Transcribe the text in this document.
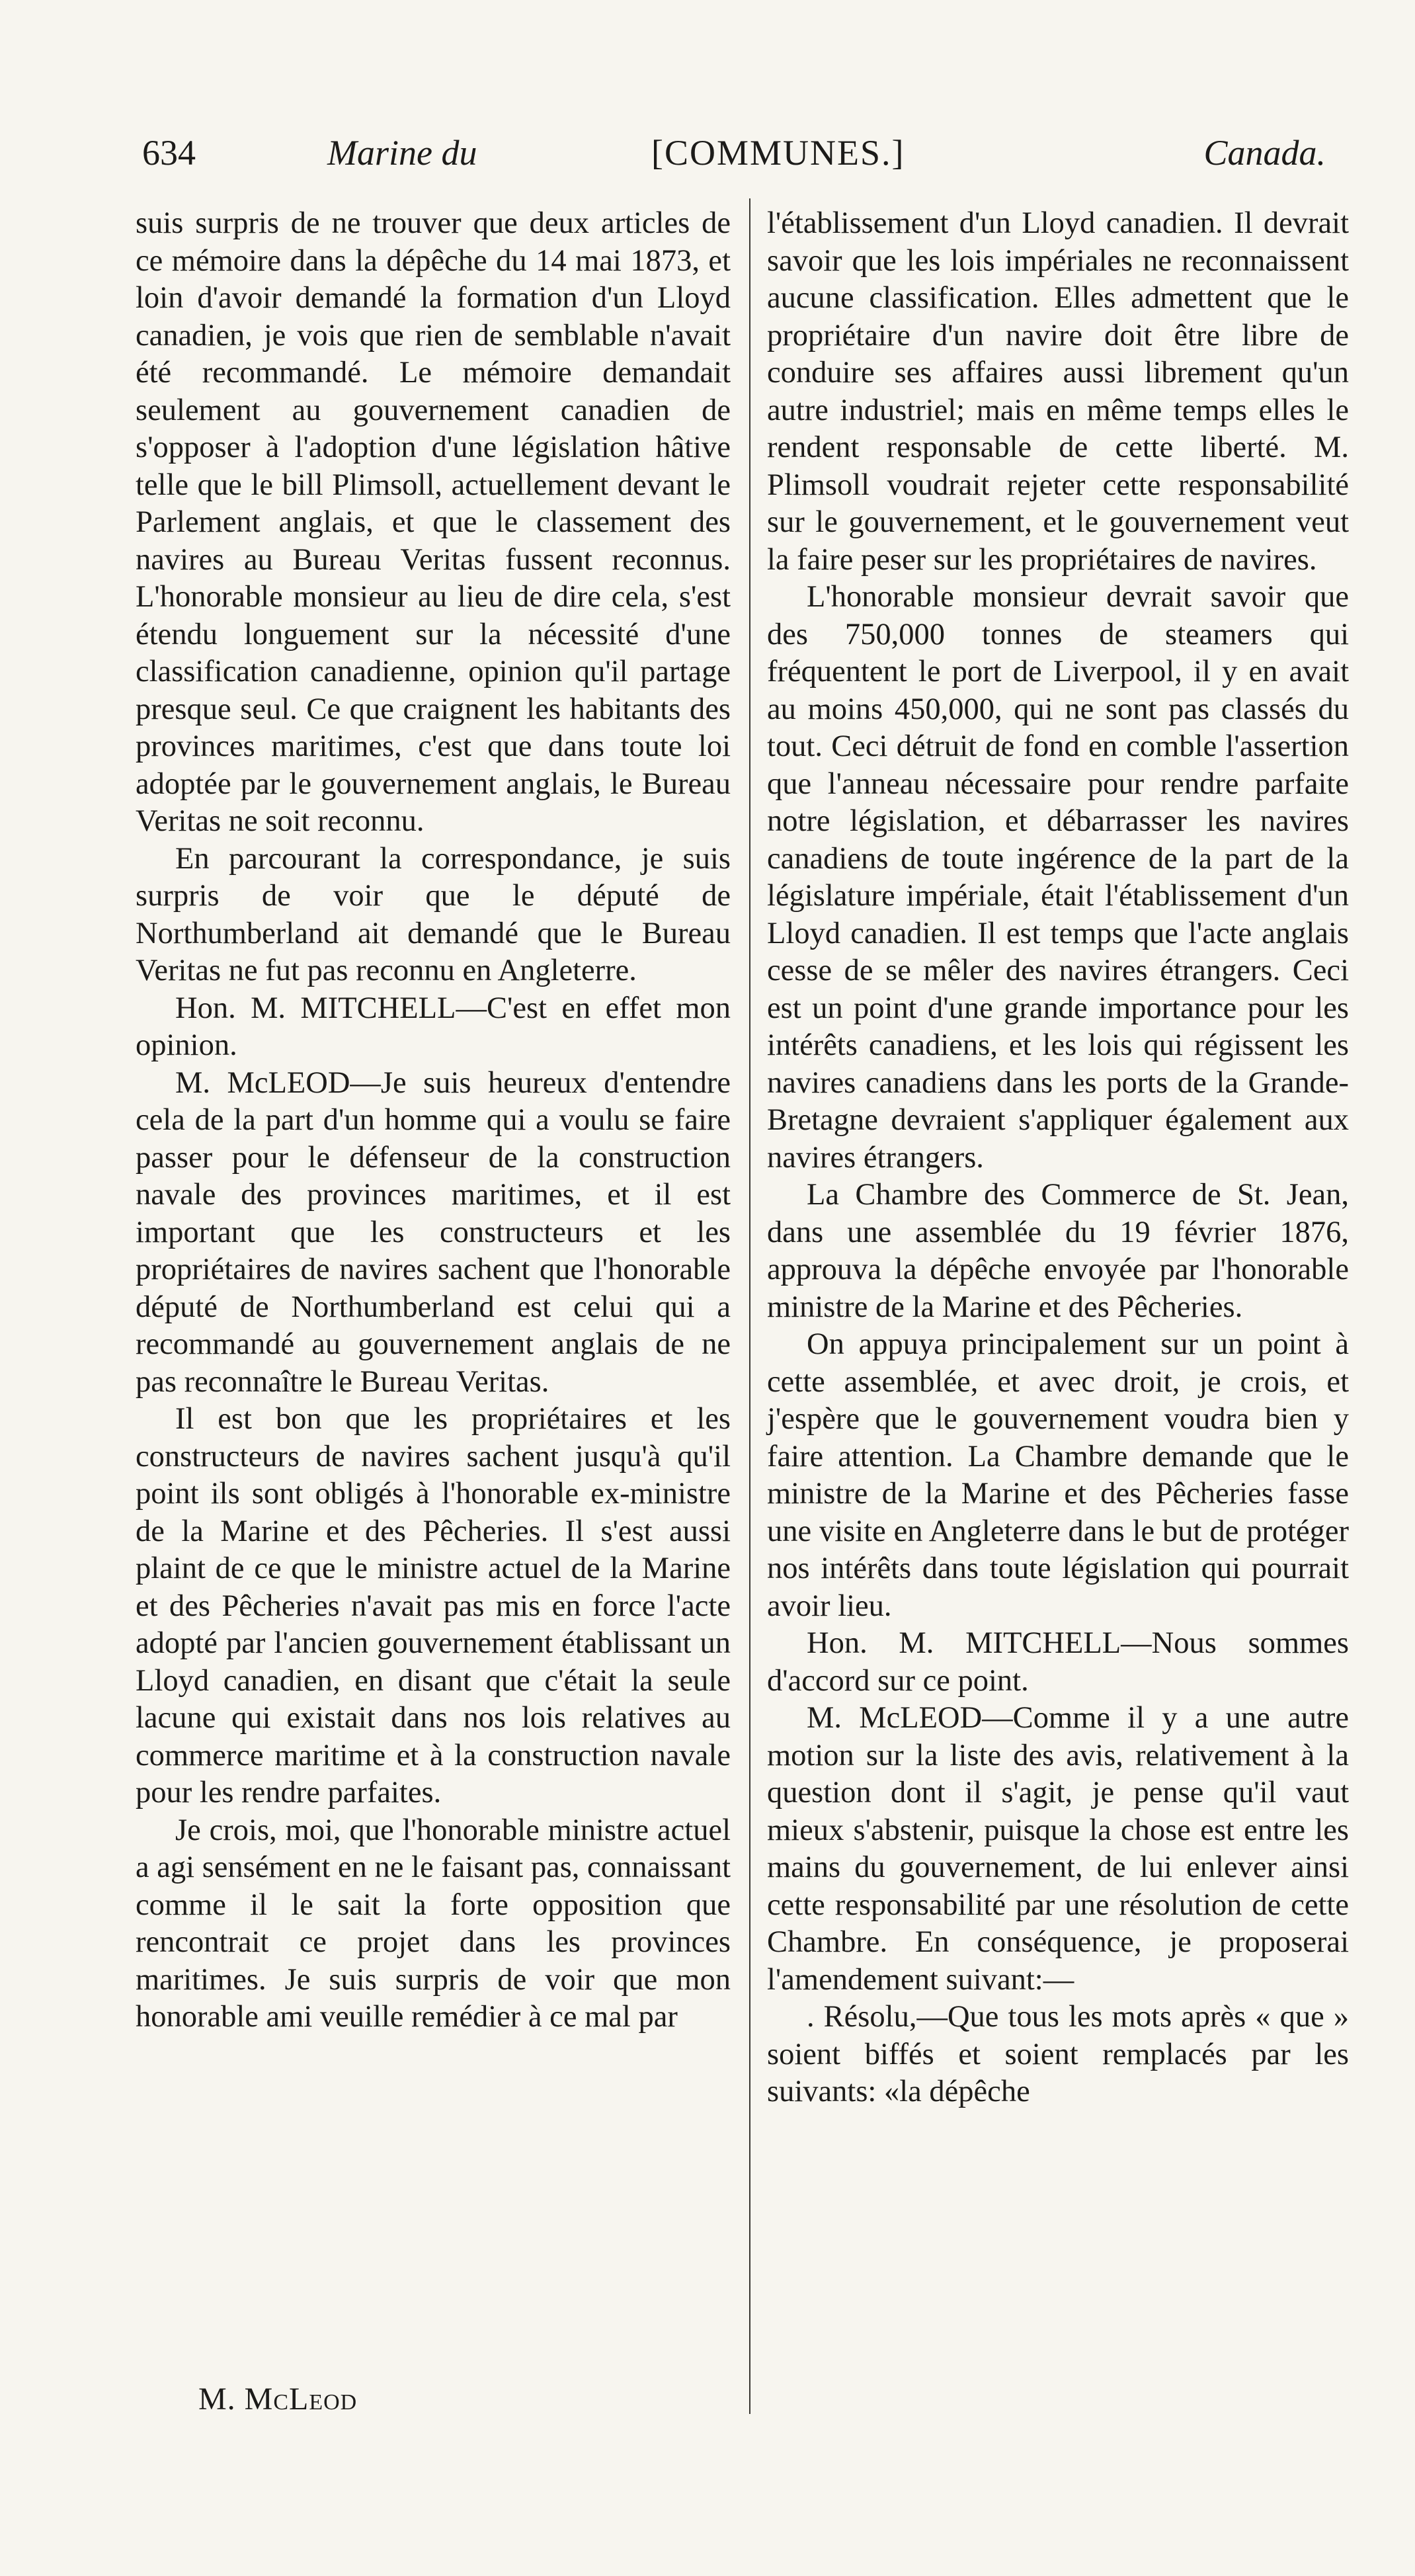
634	Marine du	[COMMUNES.]	Canada.

suis surpris de ne trouver que deux articles de ce mémoire dans la dépêche du 14 mai 1873, et loin d'avoir demandé la formation d'un Lloyd canadien, je vois que rien de semblable n'avait été recommandé. Le mémoire demandait seulement au gouvernement canadien de s'opposer à l'adoption d'une législation hâtive telle que le bill Plimsoll, actuellement devant le Parlement anglais, et que le classement des navires au Bureau Veritas fussent reconnus. L'honorable monsieur au lieu de dire cela, s'est étendu longuement sur la nécessité d'une classification canadienne, opinion qu'il partage presque seul. Ce que craignent les habitants des provinces maritimes, c'est que dans toute loi adoptée par le gouvernement anglais, le Bureau Veritas ne soit reconnu.

En parcourant la correspondance, je suis surpris de voir que le député de Northumberland ait demandé que le Bureau Veritas ne fut pas reconnu en Angleterre.

Hon. M. MITCHELL—C'est en effet mon opinion.

M. McLEOD—Je suis heureux d'entendre cela de la part d'un homme qui a voulu se faire passer pour le défenseur de la construction navale des provinces maritimes, et il est important que les constructeurs et les propriétaires de navires sachent que l'honorable député de Northumberland est celui qui a recommandé au gouvernement anglais de ne pas reconnaître le Bureau Veritas.

Il est bon que les propriétaires et les constructeurs de navires sachent jusqu'à qu'il point ils sont obligés à l'honorable ex-ministre de la Marine et des Pêcheries. Il s'est aussi plaint de ce que le ministre actuel de la Marine et des Pêcheries n'avait pas mis en force l'acte adopté par l'ancien gouvernement établissant un Lloyd canadien, en disant que c'était la seule lacune qui existait dans nos lois relatives au commerce maritime et à la construction navale pour les rendre parfaites.

Je crois, moi, que l'honorable ministre actuel a agi sensément en ne le faisant pas, connaissant comme il le sait la forte opposition que rencontrait ce projet dans les provinces maritimes. Je suis surpris de voir que mon honorable ami veuille remédier à ce mal par

l'établissement d'un Lloyd canadien. Il devrait savoir que les lois impériales ne reconnaissent aucune classification. Elles admettent que le propriétaire d'un navire doit être libre de conduire ses affaires aussi librement qu'un autre industriel; mais en même temps elles le rendent responsable de cette liberté. M. Plimsoll voudrait rejeter cette responsabilité sur le gouvernement, et le gouvernement veut la faire peser sur les propriétaires de navires.

L'honorable monsieur devrait savoir que des 750,000 tonnes de steamers qui fréquentent le port de Liverpool, il y en avait au moins 450,000, qui ne sont pas classés du tout. Ceci détruit de fond en comble l'assertion que l'anneau nécessaire pour rendre parfaite notre législation, et débarrasser les navires canadiens de toute ingérence de la part de la législature impériale, était l'établissement d'un Lloyd canadien. Il est temps que l'acte anglais cesse de se mêler des navires étrangers. Ceci est un point d'une grande importance pour les intérêts canadiens, et les lois qui régissent les navires canadiens dans les ports de la Grande-Bretagne devraient s'appliquer également aux navires étrangers.

La Chambre des Commerce de St. Jean, dans une assemblée du 19 février 1876, approuva la dépêche envoyée par l'honorable ministre de la Marine et des Pêcheries.

On appuya principalement sur un point à cette assemblée, et avec droit, je crois, et j'espère que le gouvernement voudra bien y faire attention. La Chambre demande que le ministre de la Marine et des Pêcheries fasse une visite en Angleterre dans le but de protéger nos intérêts dans toute législation qui pourrait avoir lieu.

Hon. M. MITCHELL—Nous sommes d'accord sur ce point.

M. McLEOD—Comme il y a une autre motion sur la liste des avis, relativement à la question dont il s'agit, je pense qu'il vaut mieux s'abstenir, puisque la chose est entre les mains du gouvernement, de lui enlever ainsi cette responsabilité par une résolution de cette Chambre. En conséquence, je proposerai l'amendement suivant:—

. Résolu,—Que tous les mots après « que » soient biffés et soient remplacés par les suivants: «la dépêche

M. McLeod
